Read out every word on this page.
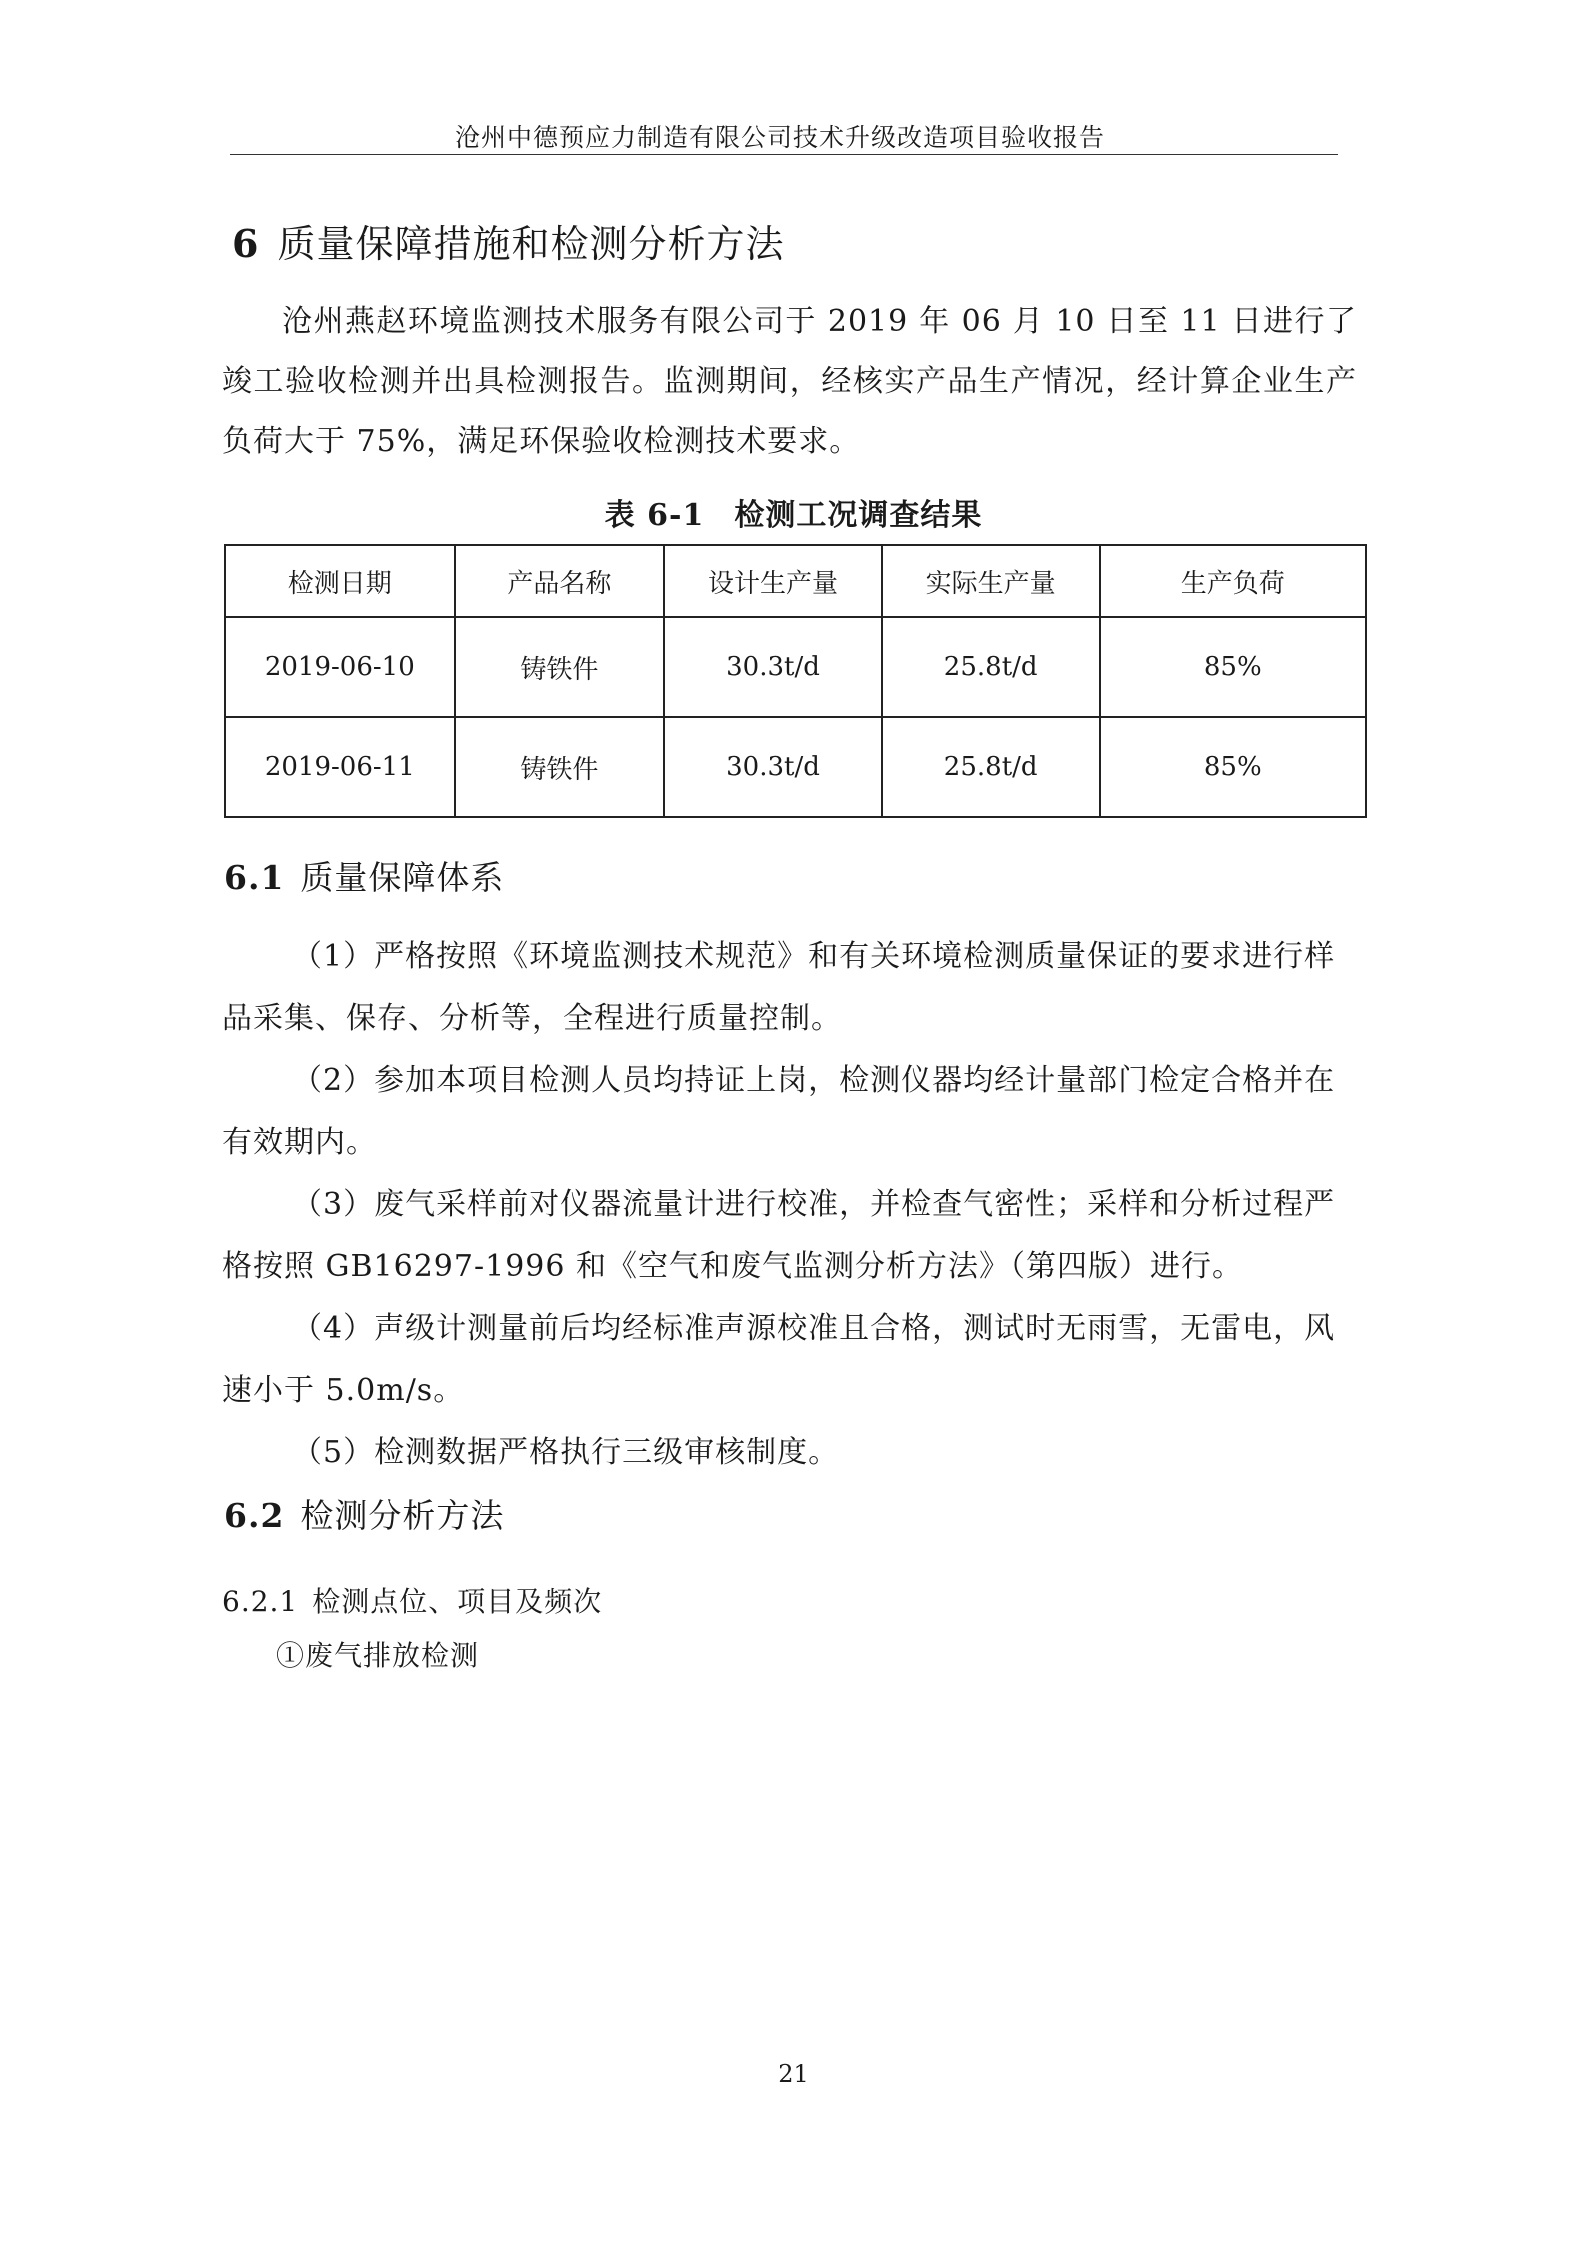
沧州中德预应力制造有限公司技术升级改造项目验收报告
6 质量保障措施和检测分析方法
沧州燕赵环境监测技术服务有限公司于 2019 年 06 月 10 日至 11 日进行了竣工验收检测并出具检测报告。监测期间，经核实产品生产情况，经计算企业生产负荷大于 75%，满足环保验收检测技术要求。
表 6-1 检测工况调查结果
检测日期	产品名称	设计生产量	实际生产量	生产负荷
2019-06-10	铸铁件	30.3t/d	25.8t/d	85%
2019-06-11	铸铁件	30.3t/d	25.8t/d	85%
6.1 质量保障体系
（1）严格按照《环境监测技术规范》和有关环境检测质量保证的要求进行样品采集、保存、分析等，全程进行质量控制。
（2）参加本项目检测人员均持证上岗，检测仪器均经计量部门检定合格并在有效期内。
（3）废气采样前对仪器流量计进行校准，并检查气密性；采样和分析过程严格按照 GB16297-1996 和《空气和废气监测分析方法》（第四版）进行。
（4）声级计测量前后均经标准声源校准且合格，测试时无雨雪，无雷电，风速小于 5.0m/s。
（5）检测数据严格执行三级审核制度。
6.2 检测分析方法
6.2.1 检测点位、项目及频次
①废气排放检测
21
